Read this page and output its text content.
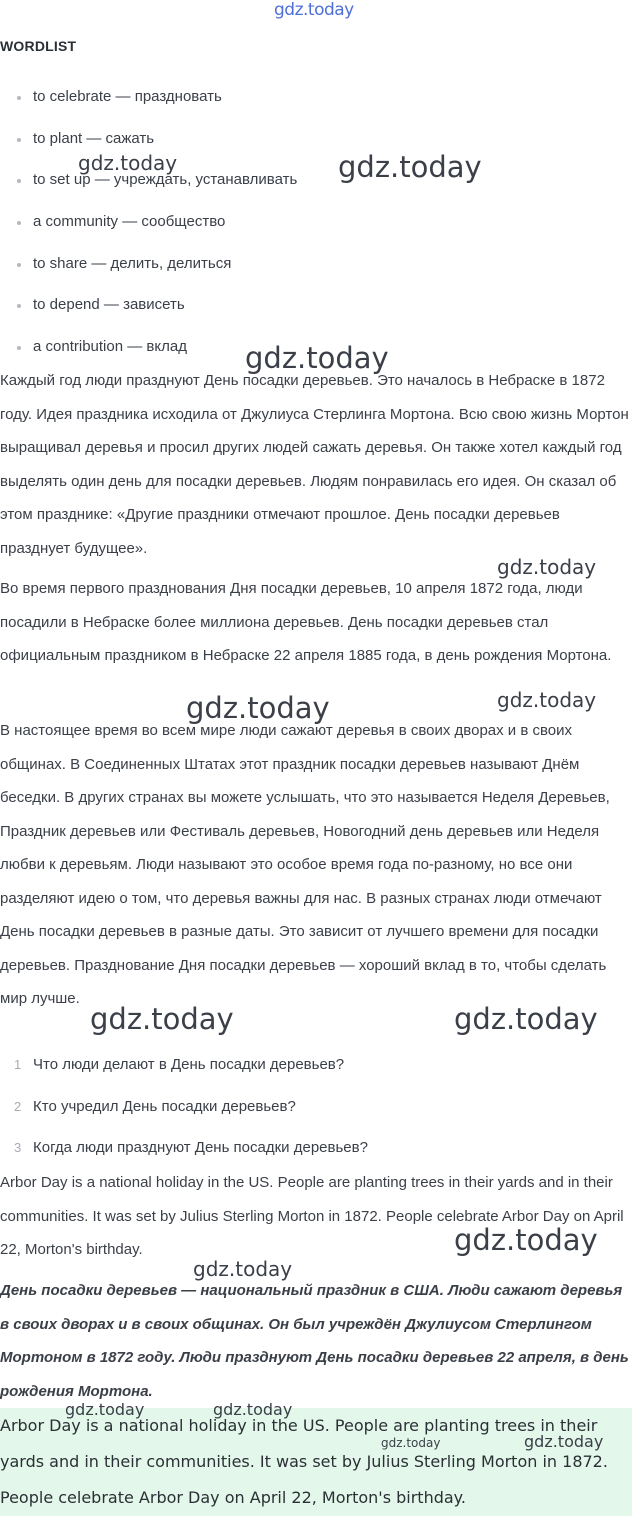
gdz.today
WORDLIST
to celebrate — праздновать
to plant — сажать
to set up — учреждать, устанавливать
a community — сообщество
to share — делить, делиться
to depend — зависеть
a contribution — вклад

Каждый год люди празднуют День посадки деревьев. Это началось в Небраске в 1872 году. Идея праздника исходила от Джулиуса Стерлинга Мортона. Всю свою жизнь Мортон выращивал деревья и просил других людей сажать деревья. Он также хотел каждый год выделять один день для посадки деревьев. Людям понравилась его идея. Он сказал об этом празднике: «Другие праздники отмечают прошлое. День посадки деревьев празднует будущее».

Во время первого празднования Дня посадки деревьев, 10 апреля 1872 года, люди посадили в Небраске более миллиона деревьев. День посадки деревьев стал официальным праздником в Небраске 22 апреля 1885 года, в день рождения Мортона.

В настоящее время во всем мире люди сажают деревья в своих дворах и в своих общинах. В Соединенных Штатах этот праздник посадки деревьев называют Днём беседки. В других странах вы можете услышать, что это называется Неделя Деревьев, Праздник деревьев или Фестиваль деревьев, Новогодний день деревьев или Неделя любви к деревьям. Люди называют это особое время года по-разному, но все они разделяют идею о том, что деревья важны для нас. В разных странах люди отмечают День посадки деревьев в разные даты. Это зависит от лучшего времени для посадки деревьев. Празднование Дня посадки деревьев — хороший вклад в то, чтобы сделать мир лучше.

1 Что люди делают в День посадки деревьев?
2 Кто учредил День посадки деревьев?
3 Когда люди празднуют День посадки деревьев?

Arbor Day is a national holiday in the US. People are planting trees in their yards and in their communities. It was set by Julius Sterling Morton in 1872. People celebrate Arbor Day on April 22, Morton's birthday.

День посадки деревьев — национальный праздник в США. Люди сажают деревья в своих дворах и в своих общинах. Он был учреждён Джулиусом Стерлингом Мортоном в 1872 году. Люди празднуют День посадки деревьев 22 апреля, в день рождения Мортона.

Arbor Day is a national holiday in the US. People are planting trees in their yards and in their communities. It was set by Julius Sterling Morton in 1872. People celebrate Arbor Day on April 22, Morton's birthday.

gdz.today	gdz.today
gdz.today
gdz.today
gdz.today
gdz.today
gdz.today	gdz.today
gdz.today
gdz.today
gdz.today	gdz.today
gdz.today	gdz.today
